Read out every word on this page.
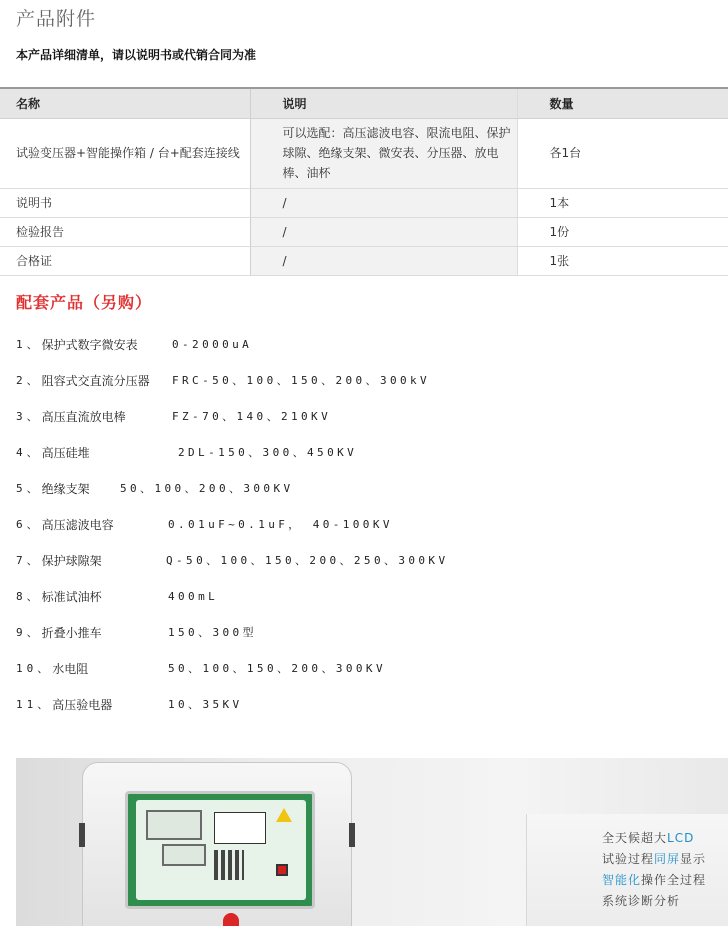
产品附件
本产品详细清单，请以说明书或代销合同为准
名称	说明	数量
试验变压器+智能操作箱 / 台+配套连接线	可以选配：高压滤波电容、限流电阻、保护
球隙、绝缘支架、微安表、分压器、放电
棒、油杯	各1台
说明书	/	1本
检验报告	/	1份
合格证	/	1张
配套产品（另购）
1、 保护式数字微安表	0-2000uA
2、 阻容式交直流分压器 FRC-50、100、150、200、300kV
3、 高压直流放电棒	FZ-70、140、210KV
4、 高压硅堆	2DL-150、300、450KV
5、 绝缘支架	50、100、200、300KV
6、 高压滤波电容	0.01uF~0.1uF， 40-100KV
7、 保护球隙架	Q-50、100、150、200、250、300KV
8、 标准试油杯	400mL
9、 折叠小推车	150、300型
10、 水电阻	50、100、150、200、300KV
11、 高压验电器	10、35KV
全天候超大LCD
试验过程同屏显示
智能化操作全过程
系统诊断分析
